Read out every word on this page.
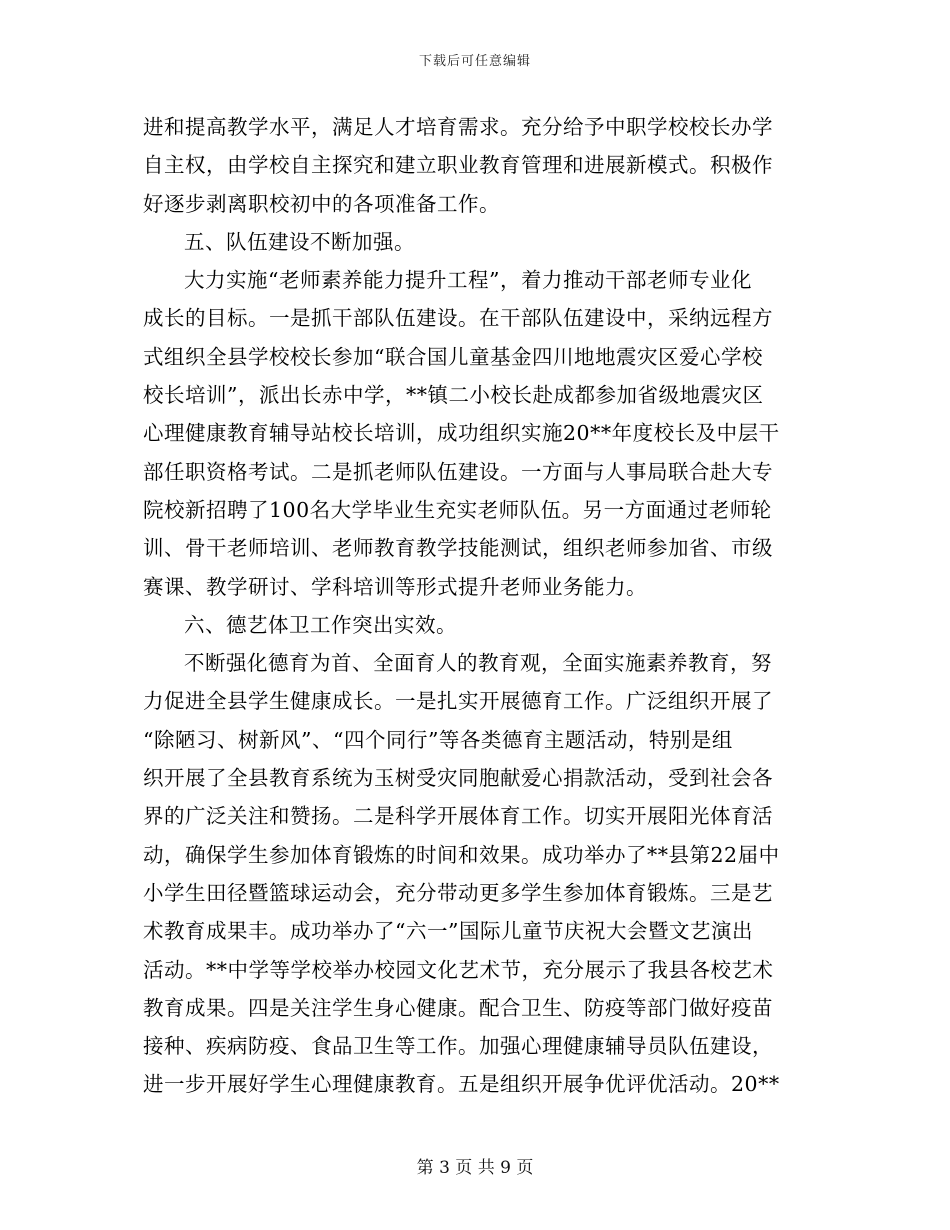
下载后可任意编辑

进和提高教学水平，满足人才培育需求。充分给予中职学校校长办学
自主权，由学校自主探究和建立职业教育管理和进展新模式。积极作
好逐步剥离职校初中的各项准备工作。

五、队伍建设不断加强。

大力实施“老师素养能力提升工程”，着力推动干部老师专业化
成长的目标。一是抓干部队伍建设。在干部队伍建设中，采纳远程方
式组织全县学校校长参加“联合国儿童基金四川地地震灾区爱心学校
校长培训”，派出长赤中学，**镇二小校长赴成都参加省级地震灾区
心理健康教育辅导站校长培训，成功组织实施20**年度校长及中层干
部任职资格考试。二是抓老师队伍建设。一方面与人事局联合赴大专
院校新招聘了100名大学毕业生充实老师队伍。另一方面通过老师轮
训、骨干老师培训、老师教育教学技能测试，组织老师参加省、市级
赛课、教学研讨、学科培训等形式提升老师业务能力。

六、德艺体卫工作突出实效。

不断强化德育为首、全面育人的教育观，全面实施素养教育，努
力促进全县学生健康成长。一是扎实开展德育工作。广泛组织开展了
“除陋习、树新风”、“四个同行”等各类德育主题活动，特别是组
织开展了全县教育系统为玉树受灾同胞献爱心捐款活动，受到社会各
界的广泛关注和赞扬。二是科学开展体育工作。切实开展阳光体育活
动，确保学生参加体育锻炼的时间和效果。成功举办了**县第22届中
小学生田径暨篮球运动会，充分带动更多学生参加体育锻炼。三是艺
术教育成果丰。成功举办了“六一”国际儿童节庆祝大会暨文艺演出
活动。**中学等学校举办校园文化艺术节，充分展示了我县各校艺术
教育成果。四是关注学生身心健康。配合卫生、防疫等部门做好疫苗
接种、疾病防疫、食品卫生等工作。加强心理健康辅导员队伍建设，
进一步开展好学生心理健康教育。五是组织开展争优评优活动。20**

第 3 页 共 9 页
